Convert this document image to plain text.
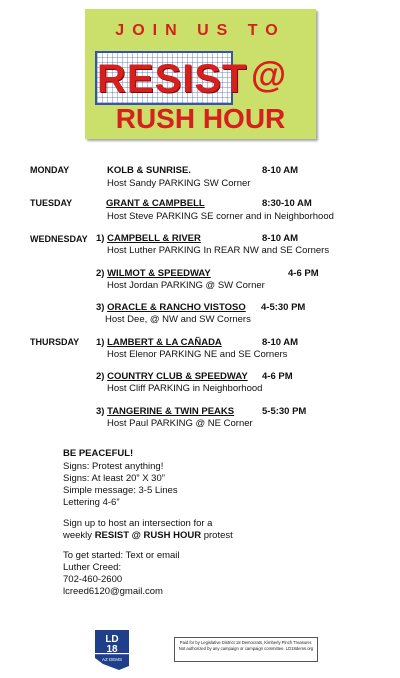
JOIN US TO
RESIST @
RUSH HOUR
MONDAY	KOLB & SUNRISE.	8-10 AM
Host Sandy PARKING SW Corner
TUESDAY	GRANT & CAMPBELL	8:30-10 AM
Host Steve PARKING SE corner and in Neighborhood
WEDNESDAY 1) CAMPBELL & RIVER	8-10 AM
Host Luther PARKING In REAR NW and SE Corners
2) WILMOT & SPEEDWAY	4-6 PM
Host Jordan PARKING @ SW Corner
3) ORACLE & RANCHO VISTOSO 4-5:30 PM
Host Dee, @ NW and SW Corners
THURSDAY 1) LAMBERT & LA CAÑADA	8-10 AM
Host Elenor PARKING NE and SE Corners
2) COUNTRY CLUB & SPEEDWAY 4-6 PM
Host Cliff PARKING in Neighborhood
3) TANGERINE & TWIN PEAKS	5-5:30 PM
Host Paul PARKING @ NE Corner
BE PEACEFUL!
Signs: Protest anything!
Signs: At least 20” X 30”
Simple message: 3-5 Lines
Lettering 4-6”
Sign up to host an intersection for a
weekly RESIST @ RUSH HOUR protest
To get started: Text or email
Luther Creed:
702-460-2600
lcreed6120@gmail.com
LD
18
AZ DEMS
Paid for by Legislative District 18 Democrats, Kimberly Pinch Treasurer. Not authorized by any campaign or campaign committee. LD18dems.org
